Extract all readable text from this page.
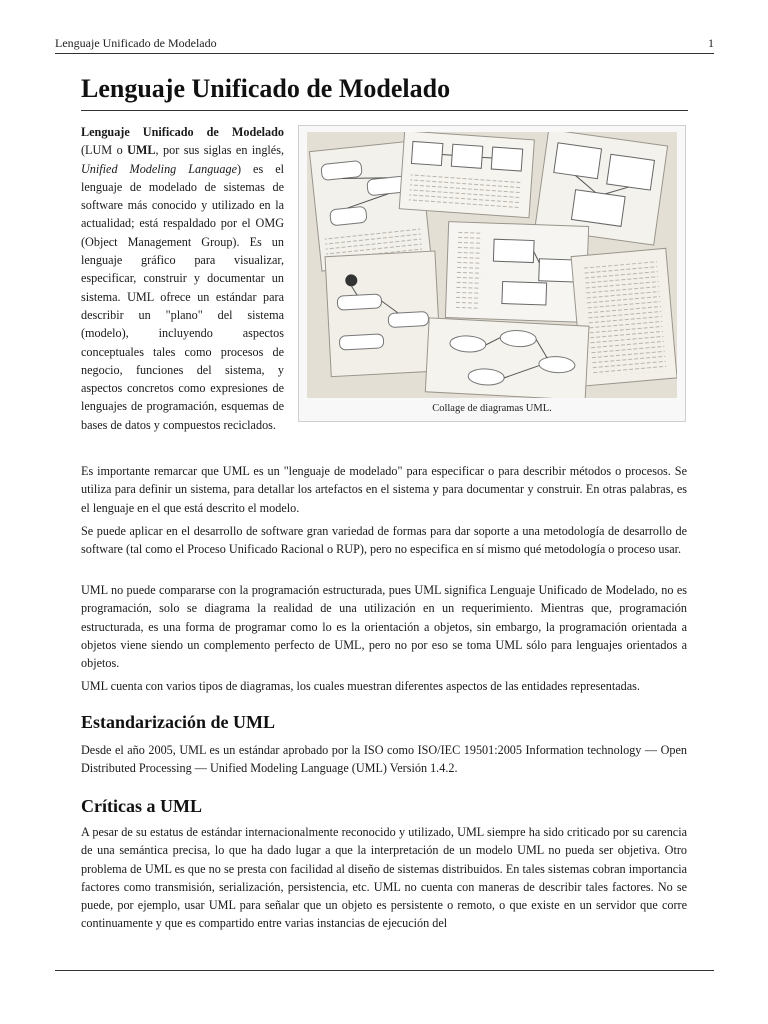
Lenguaje Unificado de Modelado	1
Lenguaje Unificado de Modelado
Lenguaje Unificado de Modelado (LUM o UML, por sus siglas en inglés, Unified Modeling Language) es el lenguaje de modelado de sistemas de software más conocido y utilizado en la actualidad; está respaldado por el OMG (Object Management Group). Es un lenguaje gráfico para visualizar, especificar, construir y documentar un sistema. UML ofrece un estándar para describir un "plano" del sistema (modelo), incluyendo aspectos conceptuales tales como procesos de negocio, funciones del sistema, y aspectos concretos como expresiones de lenguajes de programación, esquemas de bases de datos y compuestos reciclados.
Collage de diagramas UML.

Es importante remarcar que UML es un "lenguaje de modelado" para especificar o para describir métodos o procesos. Se utiliza para definir un sistema, para detallar los artefactos en el sistema y para documentar y construir. En otras palabras, es el lenguaje en el que está descrito el modelo.

Se puede aplicar en el desarrollo de software gran variedad de formas para dar soporte a una metodología de desarrollo de software (tal como el Proceso Unificado Racional o RUP), pero no especifica en sí mismo qué metodología o proceso usar.

UML no puede compararse con la programación estructurada, pues UML significa Lenguaje Unificado de Modelado, no es programación, solo se diagrama la realidad de una utilización en un requerimiento. Mientras que, programación estructurada, es una forma de programar como lo es la orientación a objetos, sin embargo, la programación orientada a objetos viene siendo un complemento perfecto de UML, pero no por eso se toma UML sólo para lenguajes orientados a objetos.

UML cuenta con varios tipos de diagramas, los cuales muestran diferentes aspectos de las entidades representadas.

Estandarización de UML

Desde el año 2005, UML es un estándar aprobado por la ISO como ISO/IEC 19501:2005 Information technology — Open Distributed Processing — Unified Modeling Language (UML) Versión 1.4.2.

Críticas a UML

A pesar de su estatus de estándar internacionalmente reconocido y utilizado, UML siempre ha sido criticado por su carencia de una semántica precisa, lo que ha dado lugar a que la interpretación de un modelo UML no pueda ser objetiva. Otro problema de UML es que no se presta con facilidad al diseño de sistemas distribuidos. En tales sistemas cobran importancia factores como transmisión, serialización, persistencia, etc. UML no cuenta con maneras de describir tales factores. No se puede, por ejemplo, usar UML para señalar que un objeto es persistente o remoto, o que existe en un servidor que corre continuamente y que es compartido entre varias instancias de ejecución del
